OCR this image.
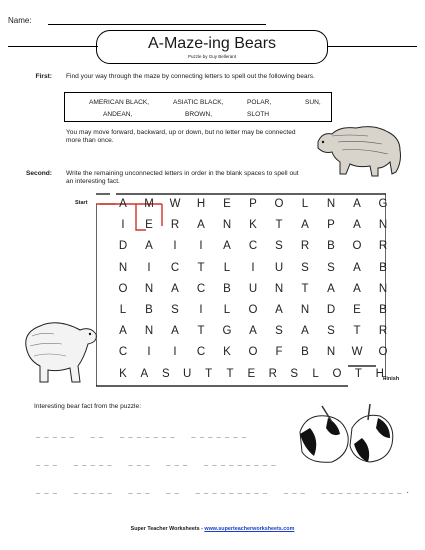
Name:
A-Maze-ing Bears
Puzzle by Guy Bellerant
First: Find your way through the maze by connecting letters to spell out the following bears.
AMERICAN BLACK,	ASIATIC BLACK,	POLAR,	SUN,
ANDEAN,	BROWN,	SLOTH
You may move forward, backward, up or down, but no letter may be connected more than once.
Second: Write the remaining unconnected letters in order in the blank spaces to spell out an interesting fact.
Start
Finish
A	M	W	H	E	P	O	L	N	A	G
I	E	R	A	N	K	T	A	P	A	N
D	A	I	I	A	C	S	R	B	O	R
N	I	C	T	L	I	U	S	S	A	B
O	N	A	C	B	U	N	T	A	A	N
L	B	S	I	L	O	A	N	D	E	B
A	N	A	T	G	A	S	A	S	T	R
C	I	I	C	K	O	F	B	N	W	O
K	A	S	U	T	T	E	R	S	L	O	T	H
Interesting bear fact from the puzzle:
_ _ _ _ _    _ _    _ _ _ _ _ _ _    _ _ _ _ _ _ _
_ _ _    _ _ _ _ _    _ _ _    _ _ _    _ _ _ _ _ _ _ _ _
_ _ _    _ _ _ _ _    _ _ _    _ _    _ _ _ _ _ _ _ _ _    _ _ _    _ _ _ _ _ _ _ _ _ _ .
Super Teacher Worksheets - www.superteacherworksheets.com
